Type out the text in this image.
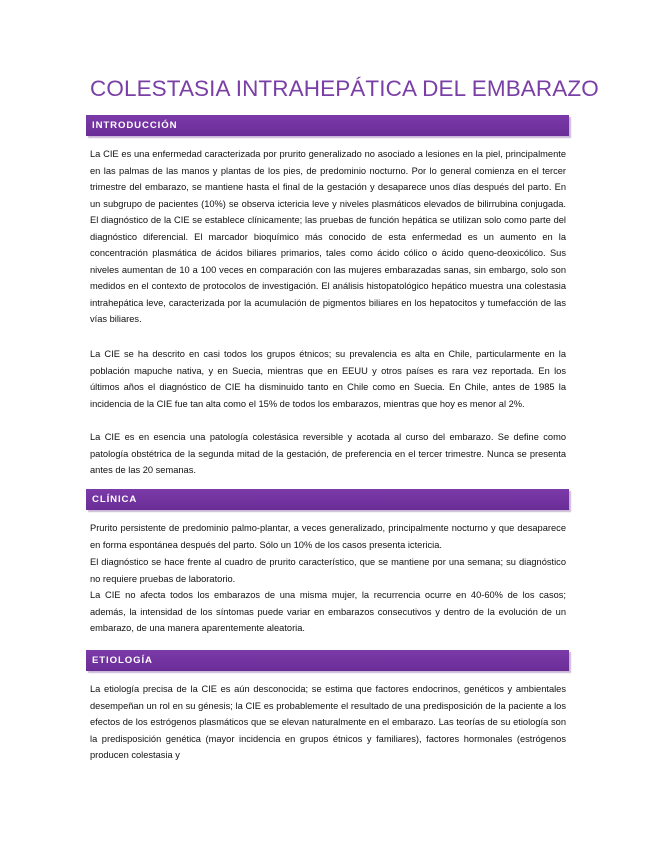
COLESTASIA INTRAHEPÁTICA DEL EMBARAZO
INTRODUCCIÓN

La CIE es una enfermedad caracterizada por prurito generalizado no asociado a lesiones en la piel, principalmente en las palmas de las manos y plantas de los pies, de predominio nocturno. Por lo general comienza en el tercer trimestre del embarazo, se mantiene hasta el final de la gestación y desaparece unos días después del parto. En un subgrupo de pacientes (10%) se observa ictericia leve y niveles plasmáticos elevados de bilirrubina conjugada. El diagnóstico de la CIE se establece clínicamente; las pruebas de función hepática se utilizan solo como parte del diagnóstico diferencial. El marcador bioquímico más conocido de esta enfermedad es un aumento en la concentración plasmática de ácidos biliares primarios, tales como ácido cólico o ácido queno-deoxicólico. Sus niveles aumentan de 10 a 100 veces en comparación con las mujeres embarazadas sanas, sin embargo, solo son medidos en el contexto de protocolos de investigación. El análisis histopatológico hepático muestra una colestasia intrahepática leve, caracterizada por la acumulación de pigmentos biliares en los hepatocitos y tumefacción de las vías biliares.

La CIE se ha descrito en casi todos los grupos étnicos; su prevalencia es alta en Chile, particularmente en la población mapuche nativa, y en Suecia, mientras que en EEUU y otros países es rara vez reportada. En los últimos años el diagnóstico de CIE ha disminuido tanto en Chile como en Suecia. En Chile, antes de 1985 la incidencia de la CIE fue tan alta como el 15% de todos los embarazos, mientras que hoy es menor al 2%.

La CIE es en esencia una patología colestásica reversible y acotada al curso del embarazo. Se define como patología obstétrica de la segunda mitad de la gestación, de preferencia en el tercer trimestre. Nunca se presenta antes de las 20 semanas.

CLÍNICA

Prurito persistente de predominio palmo-plantar, a veces generalizado, principalmente nocturno y que desaparece en forma espontánea después del parto. Sólo un 10% de los casos presenta ictericia.

El diagnóstico se hace frente al cuadro de prurito característico, que se mantiene por una semana; su diagnóstico no requiere pruebas de laboratorio.

La CIE no afecta todos los embarazos de una misma mujer, la recurrencia ocurre en 40-60% de los casos; además, la intensidad de los síntomas puede variar en embarazos consecutivos y dentro de la evolución de un embarazo, de una manera aparentemente aleatoria.

ETIOLOGÍA

La etiología precisa de la CIE es aún desconocida; se estima que factores endocrinos, genéticos y ambientales desempeñan un rol en su génesis; la CIE es probablemente el resultado de una predisposición de la paciente a los efectos de los estrógenos plasmáticos que se elevan naturalmente en el embarazo. Las teorías de su etiología son la predisposición genética (mayor incidencia en grupos étnicos y familiares), factores hormonales (estrógenos producen colestasia y
